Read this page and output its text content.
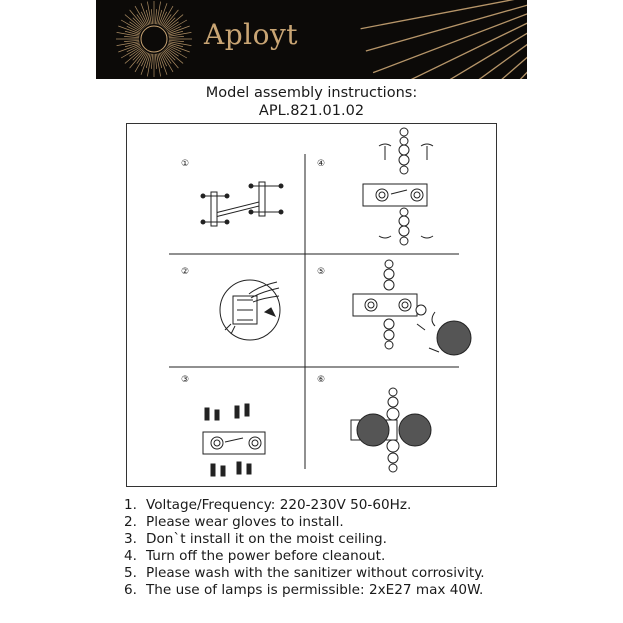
Aployt
Model assembly instructions:
APL.821.01.02
①	④
②	⑤
③	⑥
1. Voltage/Frequency: 220-230V 50-60Hz.
2. Please wear gloves to install.
3. Don`t install it on the moist ceiling.
4. Turn off the power before cleanout.
5. Please wash with the sanitizer without corrosivity.
6. The use of lamps is permissible: 2xE27 max 40W.
